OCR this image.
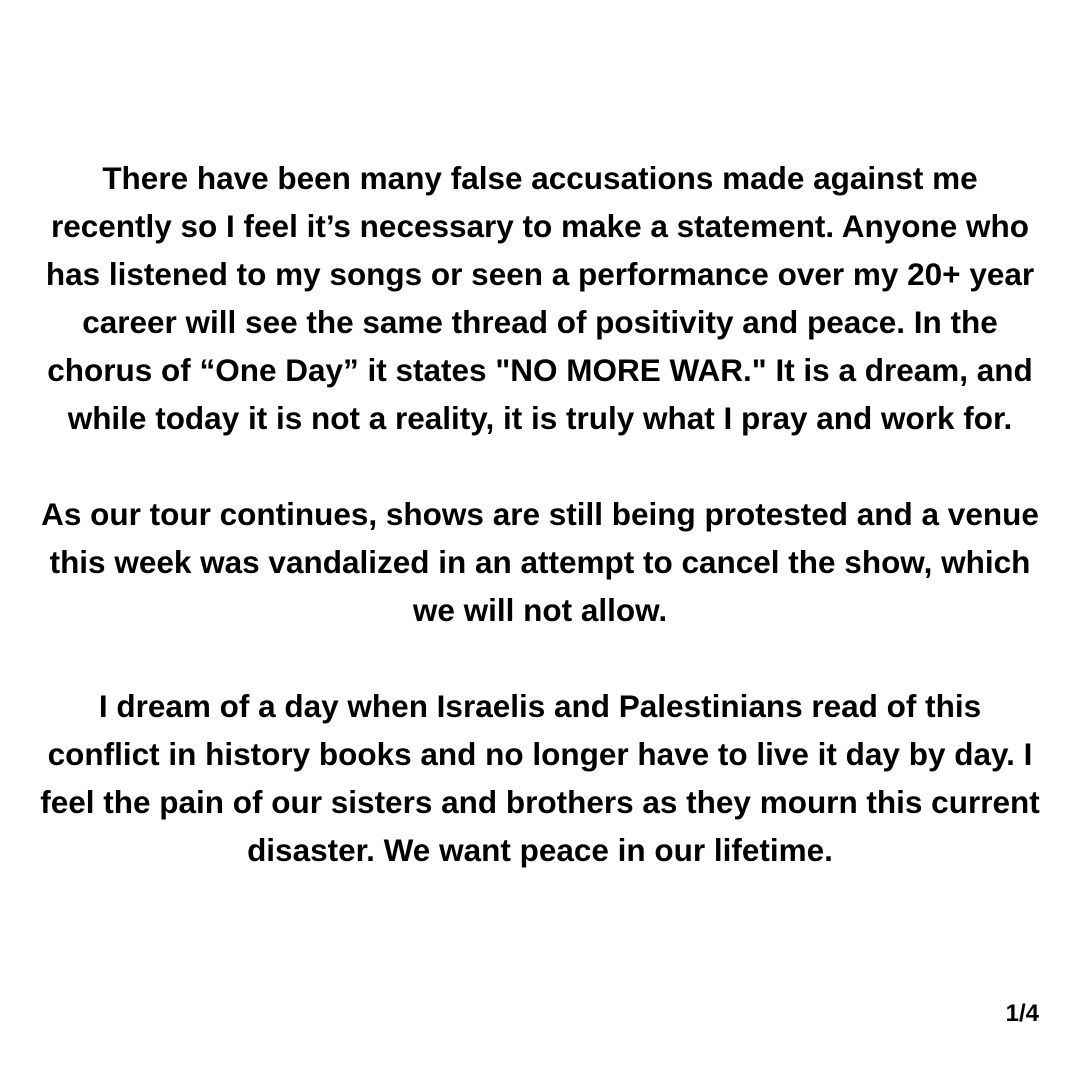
There have been many false accusations made against me recently so I feel it’s necessary to make a statement. Anyone who has listened to my songs or seen a performance over my 20+ year career will see the same thread of positivity and peace. In the chorus of “One Day” it states "NO MORE WAR." It is a dream, and while today it is not a reality, it is truly what I pray and work for.

As our tour continues, shows are still being protested and a venue this week was vandalized in an attempt to cancel the show, which we will not allow.

I dream of a day when Israelis and Palestinians read of this conflict in history books and no longer have to live it day by day. I feel the pain of our sisters and brothers as they mourn this current disaster. We want peace in our lifetime.

1/4
